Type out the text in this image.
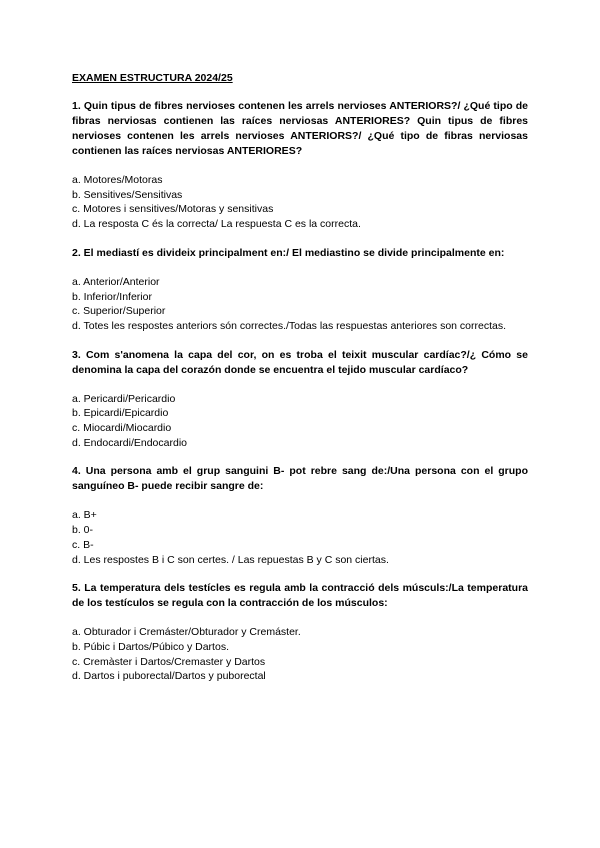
EXAMEN ESTRUCTURA 2024/25

1. Quin tipus de fibres nervioses contenen les arrels nervioses ANTERIORS?/ ¿Qué tipo de fibras nerviosas contienen las raíces nerviosas ANTERIORES? Quin tipus de fibres nervioses contenen les arrels nervioses ANTERIORS?/ ¿Qué tipo de fibras nerviosas contienen las raíces nerviosas ANTERIORES?

a. Motores/Motoras
b. Sensitives/Sensitivas
c. Motores i sensitives/Motoras y sensitivas
d. La resposta C és la correcta/ La respuesta C es la correcta.

2. El mediastí es divideix principalment en:/ El mediastino se divide principalmente en:

a. Anterior/Anterior
b. Inferior/Inferior
c. Superior/Superior
d. Totes les respostes anteriors són correctes./Todas las respuestas anteriores son correctas.

3. Com s'anomena la capa del cor, on es troba el teixit muscular cardíac?/¿ Cómo se denomina la capa del corazón donde se encuentra el tejido muscular cardíaco?

a. Pericardi/Pericardio
b. Epicardi/Epicardio
c. Miocardi/Miocardio
d. Endocardi/Endocardio

4. Una persona amb el grup sanguini B- pot rebre sang de:/Una persona con el grupo sanguíneo B- puede recibir sangre de:

a. B+
b. 0-
c. B-
d. Les respostes B i C son certes. / Las repuestas B y C son ciertas.

5. La temperatura dels testícles es regula amb la contracció dels músculs:/La temperatura de los testículos se regula con la contracción de los músculos:

a. Obturador i Cremáster/Obturador y Cremáster.
b. Púbic i Dartos/Púbico y Dartos.
c. Cremàster i Dartos/Cremaster y Dartos
d. Dartos i puborectal/Dartos y puborectal
